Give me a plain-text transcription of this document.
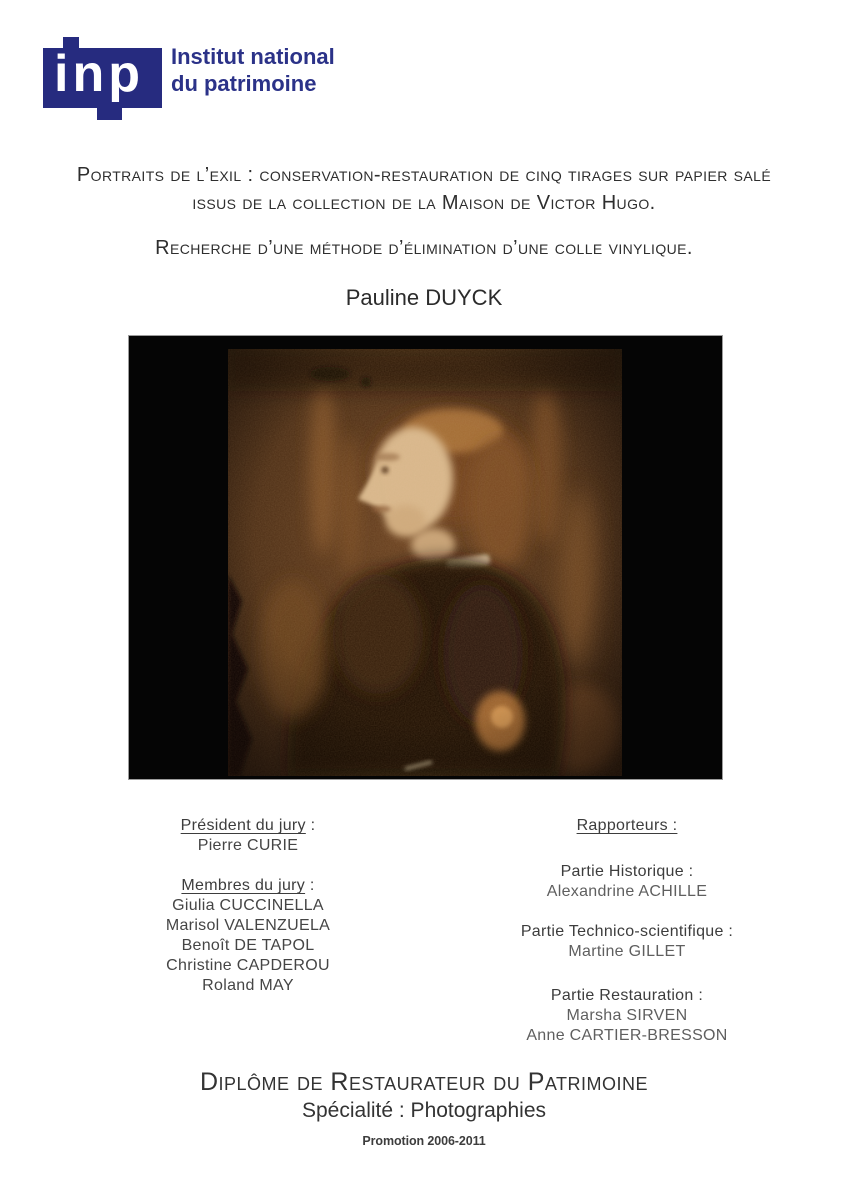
inp Institut national
du patrimoine
Portraits de l’exil : conservation-restauration de cinq tirages sur papier salé
issus de la collection de la Maison de Victor Hugo.
Recherche d’une méthode d’élimination d’une colle vinylique.
Pauline DUYCK
Président du jury :
Pierre CURIE
Membres du jury :
Giulia CUCCINELLA
Marisol VALENZUELA
Benoît DE TAPOL
Christine CAPDEROU
Roland MAY
Rapporteurs :
Partie Historique :
Alexandrine ACHILLE
Partie Technico-scientifique :
Martine GILLET
Partie Restauration :
Marsha SIRVEN
Anne CARTIER-BRESSON
Diplôme de Restaurateur du Patrimoine
Spécialité : Photographies
Promotion 2006-2011
